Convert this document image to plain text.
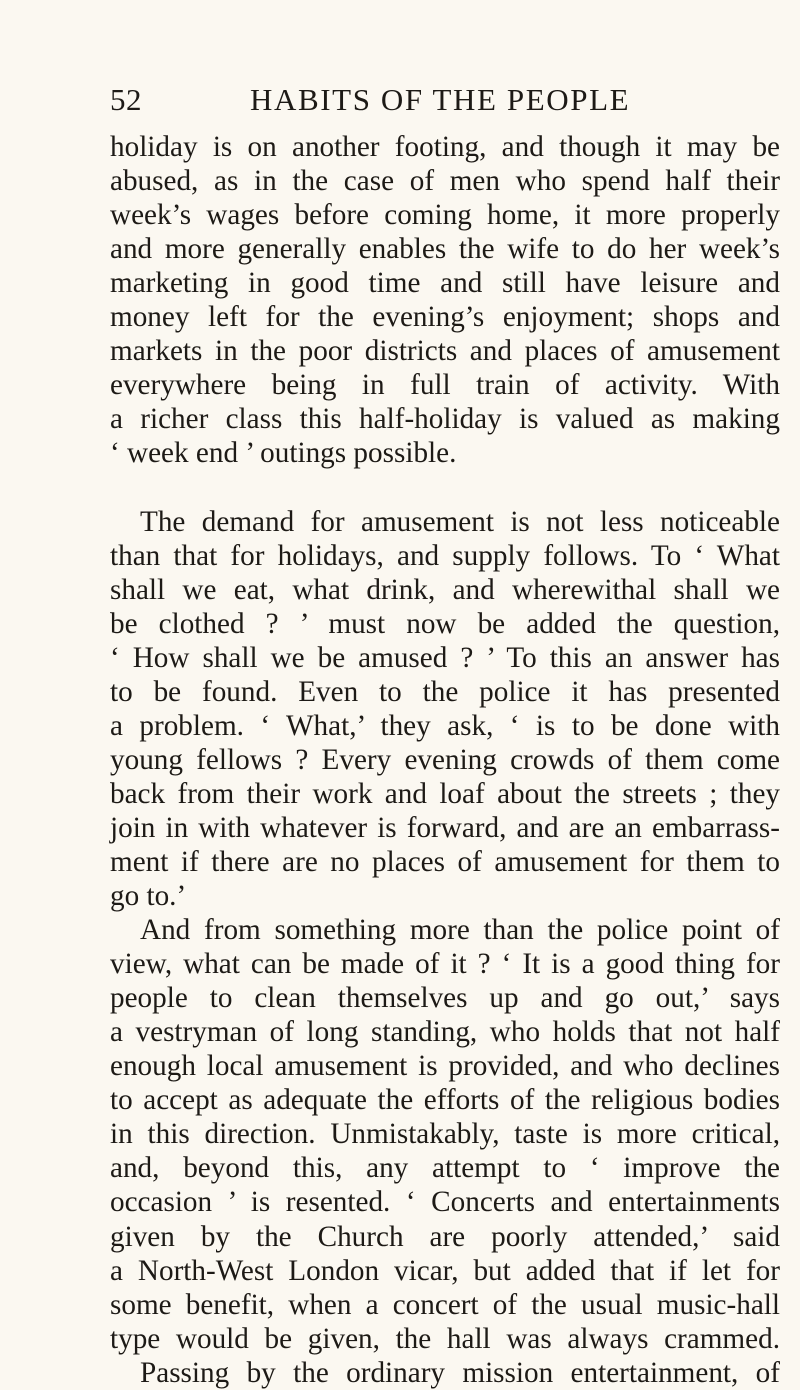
52	HABITS OF THE PEOPLE
holiday is on another footing, and though it may be
abused, as in the case of men who spend half their
week’s wages before coming home, it more properly
and more generally enables the wife to do her week’s
marketing in good time and still have leisure and
money left for the evening’s enjoyment; shops and
markets in the poor districts and places of amusement
everywhere being in full train of activity. With
a richer class this half-holiday is valued as making
‘ week end ’ outings possible.
The demand for amusement is not less noticeable
than that for holidays, and supply follows. To ‘ What
shall we eat, what drink, and wherewithal shall we
be clothed ? ’ must now be added the question,
‘ How shall we be amused ? ’ To this an answer has
to be found. Even to the police it has presented
a problem. ‘ What,’ they ask, ‘ is to be done with
young fellows ? Every evening crowds of them come
back from their work and loaf about the streets ; they
join in with whatever is forward, and are an embarrass-
ment if there are no places of amusement for them to
go to.’
And from something more than the police point of
view, what can be made of it ? ‘ It is a good thing for
people to clean themselves up and go out,’ says
a vestryman of long standing, who holds that not half
enough local amusement is provided, and who declines
to accept as adequate the efforts of the religious bodies
in this direction. Unmistakably, taste is more critical,
and, beyond this, any attempt to ‘ improve the
occasion ’ is resented. ‘ Concerts and entertainments
given by the Church are poorly attended,’ said
a North-West London vicar, but added that if let for
some benefit, when a concert of the usual music-hall
type would be given, the hall was always crammed.
Passing by the ordinary mission entertainment, of
